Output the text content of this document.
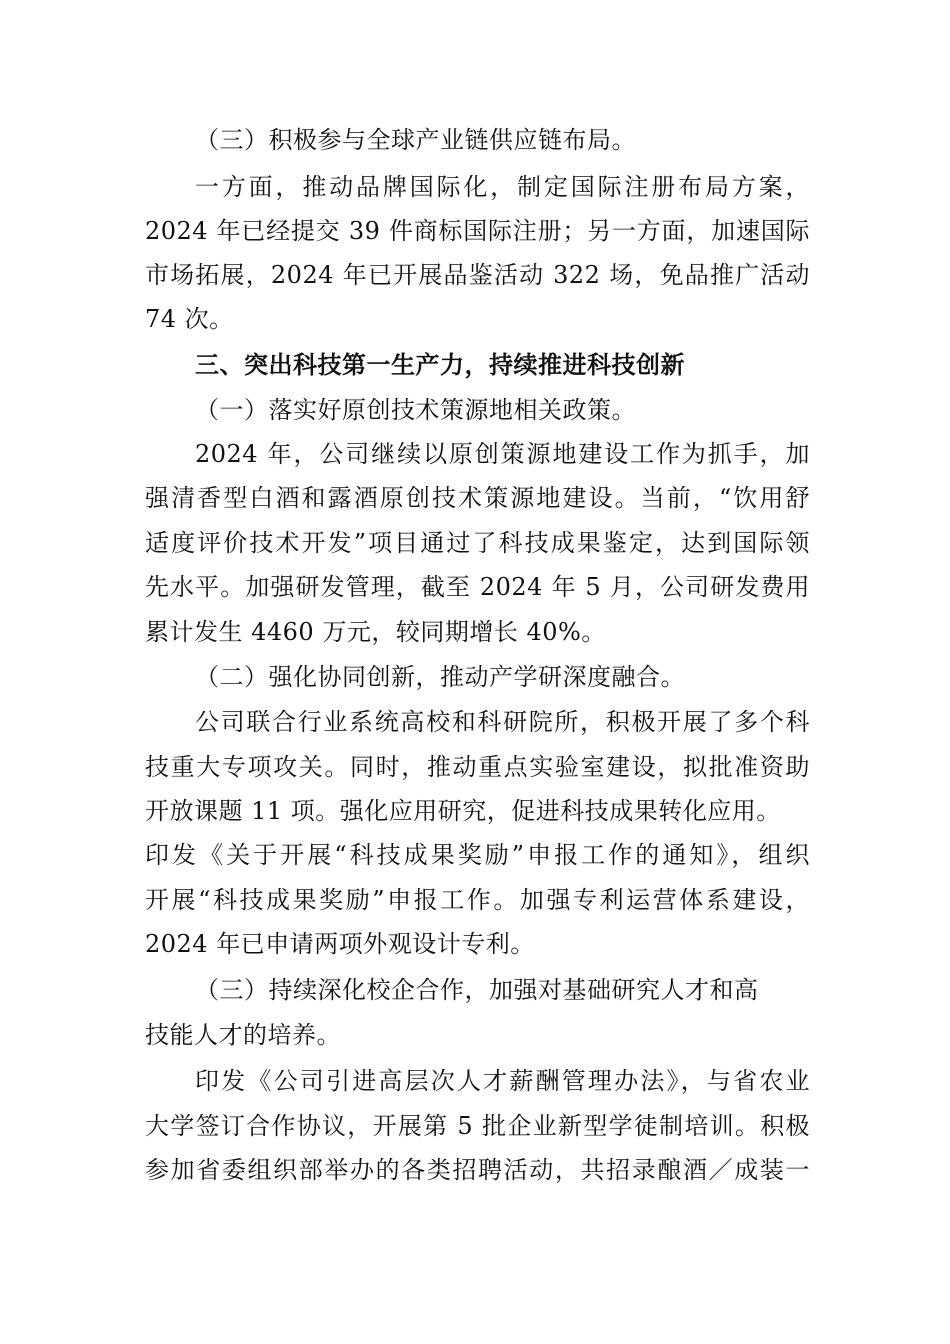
（三）积极参与全球产业链供应链布局。
一方面，推动品牌国际化，制定国际注册布局方案，
2024 年已经提交 39 件商标国际注册；另一方面，加速国际
市场拓展，2024 年已开展品鉴活动 322 场，免品推广活动
74 次。
三、突出科技第一生产力，持续推进科技创新
（一）落实好原创技术策源地相关政策。
2024 年，公司继续以原创策源地建设工作为抓手，加
强清香型白酒和露酒原创技术策源地建设。当前，“饮用舒
适度评价技术开发”项目通过了科技成果鉴定，达到国际领
先水平。加强研发管理，截至 2024 年 5 月，公司研发费用
累计发生 4460 万元，较同期增长 40%。
（二）强化协同创新，推动产学研深度融合。
公司联合行业系统高校和科研院所，积极开展了多个科
技重大专项攻关。同时，推动重点实验室建设，拟批准资助
开放课题 11 项。强化应用研究，促进科技成果转化应用。
印发《关于开展“科技成果奖励”申报工作的通知》，组织
开展“科技成果奖励”申报工作。加强专利运营体系建设，
2024 年已申请两项外观设计专利。
（三）持续深化校企合作，加强对基础研究人才和高
技能人才的培养。
印发《公司引进高层次人才薪酬管理办法》，与省农业
大学签订合作协议，开展第 5 批企业新型学徒制培训。积极
参加省委组织部举办的各类招聘活动，共招录酿酒／成装一
